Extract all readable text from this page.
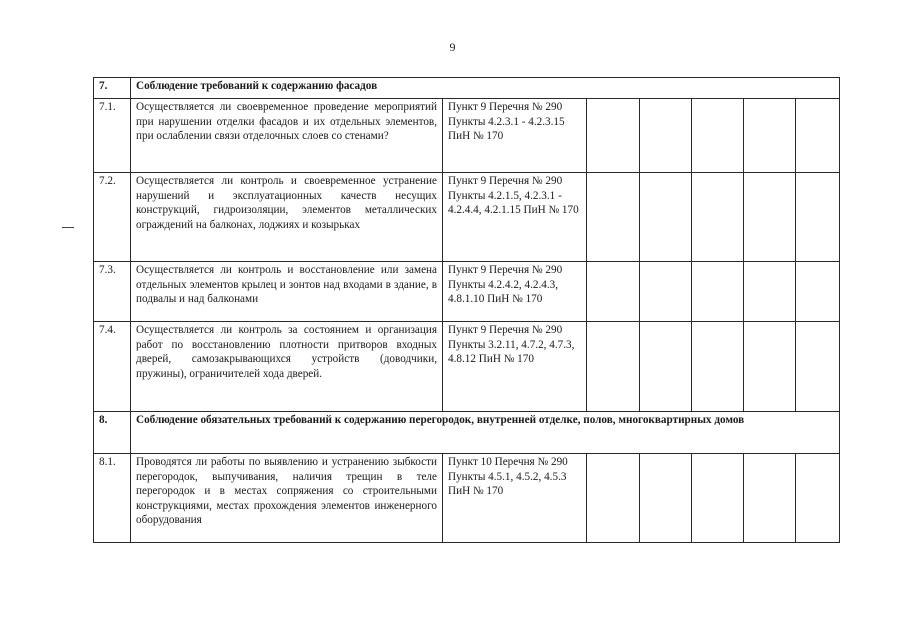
9
7.	Соблюдение требований к содержанию фасадов						
7.1.	Осуществляется ли своевременное проведение мероприятий при нарушении отделки фасадов и их отдельных элементов, при ослаблении связи отделочных слоев со стенами?	Пункт 9 Перечня № 290 Пункты 4.2.3.1 - 4.2.3.15 ПиН № 170					
7.2.	Осуществляется ли контроль и своевременное устранение нарушений и эксплуатационных качеств несущих конструкций, гидроизоляции, элементов металлических ограждений на балконах, лоджиях и козырьках	Пункт 9 Перечня № 290 Пункты 4.2.1.5, 4.2.3.1 - 4.2.4.4, 4.2.1.15 ПиН № 170					
7.3.	Осуществляется ли контроль и восстановление или замена отдельных элементов крылец и зонтов над входами в здание, в подвалы и над балконами	Пункт 9 Перечня № 290 Пункты 4.2.4.2, 4.2.4.3, 4.8.1.10 ПиН № 170					
7.4.	Осуществляется ли контроль за состоянием и организация работ по восстановлению плотности притворов входных дверей, самозакрывающихся устройств (доводчики, пружины), ограничителей хода дверей.	Пункт 9 Перечня № 290 Пункты 3.2.11, 4.7.2, 4.7.3, 4.8.12 ПиН № 170					
8.	Соблюдение обязательных требований к содержанию перегородок, внутренней отделке, полов, многоквартирных домов						
8.1.	Проводятся ли работы по выявлению и устранению зыбкости перегородок, выпучивания, наличия трещин в теле перегородок и в местах сопряжения со строительными конструкциями, местах прохождения элементов инженерного оборудования	Пункт 10 Перечня № 290 Пункты 4.5.1, 4.5.2, 4.5.3 ПиН № 170					
